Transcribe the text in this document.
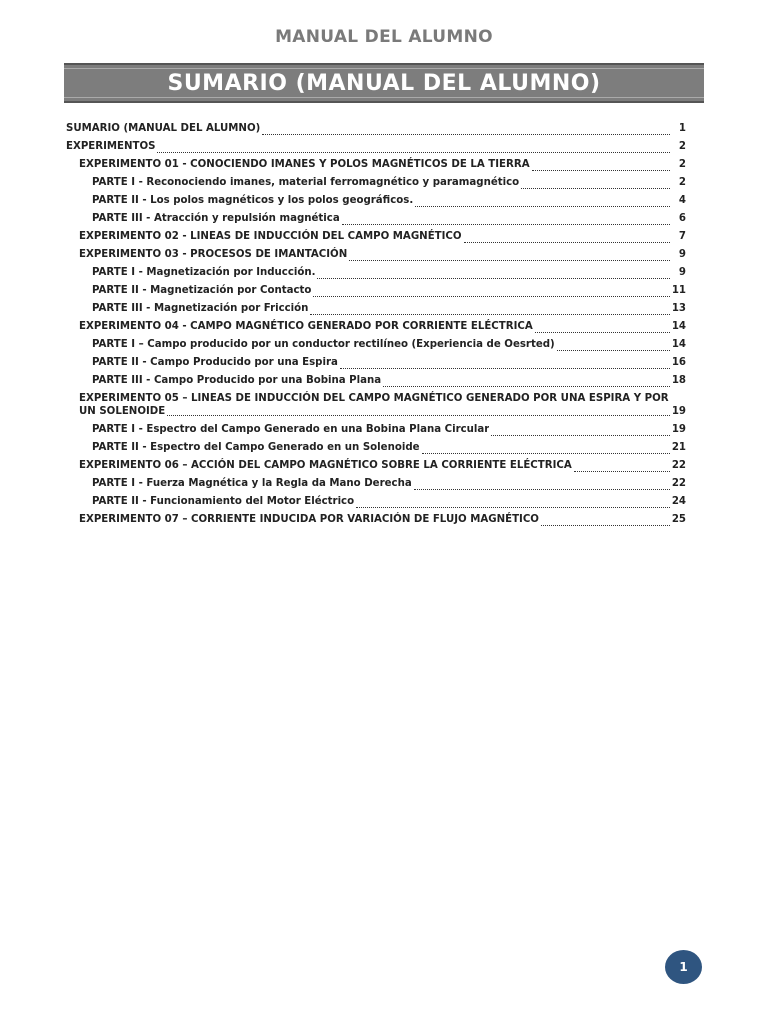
MANUAL DEL ALUMNO
SUMARIO (MANUAL DEL ALUMNO)
SUMARIO (MANUAL DEL ALUMNO)	1
EXPERIMENTOS	2
EXPERIMENTO 01 - CONOCIENDO IMANES Y POLOS MAGNÉTICOS DE LA TIERRA	2
PARTE I - Reconociendo imanes, material ferromagnético y paramagnético	2
PARTE II - Los polos magnéticos y los polos geográficos.	4
PARTE III - Atracción y repulsión magnética	6
EXPERIMENTO 02 - LINEAS DE INDUCCIÓN DEL CAMPO MAGNÉTICO	7
EXPERIMENTO 03 - PROCESOS DE IMANTACIÓN	9
PARTE I - Magnetización por Inducción.	9
PARTE II - Magnetización por Contacto	11
PARTE III - Magnetización por Fricción	13
EXPERIMENTO 04 - CAMPO MAGNÉTICO GENERADO POR CORRIENTE ELÉCTRICA	14
PARTE I – Campo producido por un conductor rectilíneo (Experiencia de Oesrted)	14
PARTE II - Campo Producido por una Espira	16
PARTE III - Campo Producido por una Bobina Plana	18
EXPERIMENTO 05 – LINEAS DE INDUCCIÓN DEL CAMPO MAGNÉTICO GENERADO POR UNA ESPIRA Y POR
UN SOLENOIDE	19
PARTE I - Espectro del Campo Generado en una Bobina Plana Circular	19
PARTE II - Espectro del Campo Generado en un Solenoide	21
EXPERIMENTO 06 – ACCIÓN DEL CAMPO MAGNÉTICO SOBRE LA CORRIENTE ELÉCTRICA	22
PARTE I - Fuerza Magnética y la Regla da Mano Derecha	22
PARTE II - Funcionamiento del Motor Eléctrico	24
EXPERIMENTO 07 – CORRIENTE INDUCIDA POR VARIACIÓN DE FLUJO MAGNÉTICO	25
1
